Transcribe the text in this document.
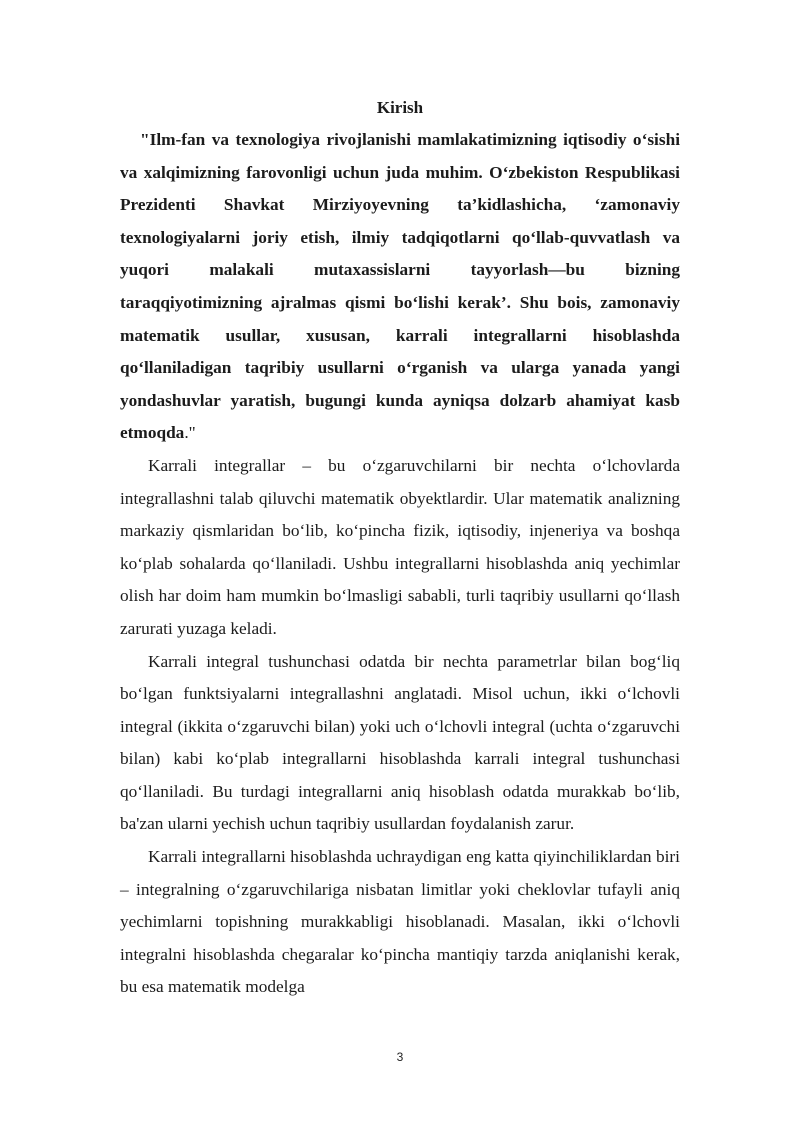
Kirish

"Ilm-fan va texnologiya rivojlanishi mamlakatimizning iqtisodiy o‘sishi va xalqimizning farovonligi uchun juda muhim. O‘zbekiston Respublikasi Prezidenti Shavkat Mirziyoyevning ta’kidlashicha, ‘zamonaviy texnologiyalarni joriy etish, ilmiy tadqiqotlarni qo‘llab-quvvatlash va yuqori malakali mutaxassislarni tayyorlash—bu bizning taraqqiyotimizning ajralmas qismi bo‘lishi kerak’. Shu bois, zamonaviy matematik usullar, xususan, karrali integrallarni hisoblashda qo‘llaniladigan taqribiy usullarni o‘rganish va ularga yanada yangi yondashuvlar yaratish, bugungi kunda ayniqsa dolzarb ahamiyat kasb etmoqda."

Karrali integrallar – bu o‘zgaruvchilarni bir nechta o‘lchovlarda integrallashni talab qiluvchi matematik obyektlardir. Ular matematik analizning markaziy qismlaridan bo‘lib, ko‘pincha fizik, iqtisodiy, injeneriya va boshqa ko‘plab sohalarda qo‘llaniladi. Ushbu integrallarni hisoblashda aniq yechimlar olish har doim ham mumkin bo‘lmasligi sababli, turli taqribiy usullarni qo‘llash zarurati yuzaga keladi.

Karrali integral tushunchasi odatda bir nechta parametrlar bilan bog‘liq bo‘lgan funktsiyalarni integrallashni anglatadi. Misol uchun, ikki o‘lchovli integral (ikkita o‘zgaruvchi bilan) yoki uch o‘lchovli integral (uchta o‘zgaruvchi bilan) kabi ko‘plab integrallarni hisoblashda karrali integral tushunchasi qo‘llaniladi. Bu turdagi integrallarni aniq hisoblash odatda murakkab bo‘lib, ba'zan ularni yechish uchun taqribiy usullardan foydalanish zarur.

Karrali integrallarni hisoblashda uchraydigan eng katta qiyinchiliklardan biri – integralning o‘zgaruvchilariga nisbatan limitlar yoki cheklovlar tufayli aniq yechimlarni topishning murakkabligi hisoblanadi. Masalan, ikki o‘lchovli integralni hisoblashda chegaralar ko‘pincha mantiqiy tarzda aniqlanishi kerak, bu esa matematik modelga

3
